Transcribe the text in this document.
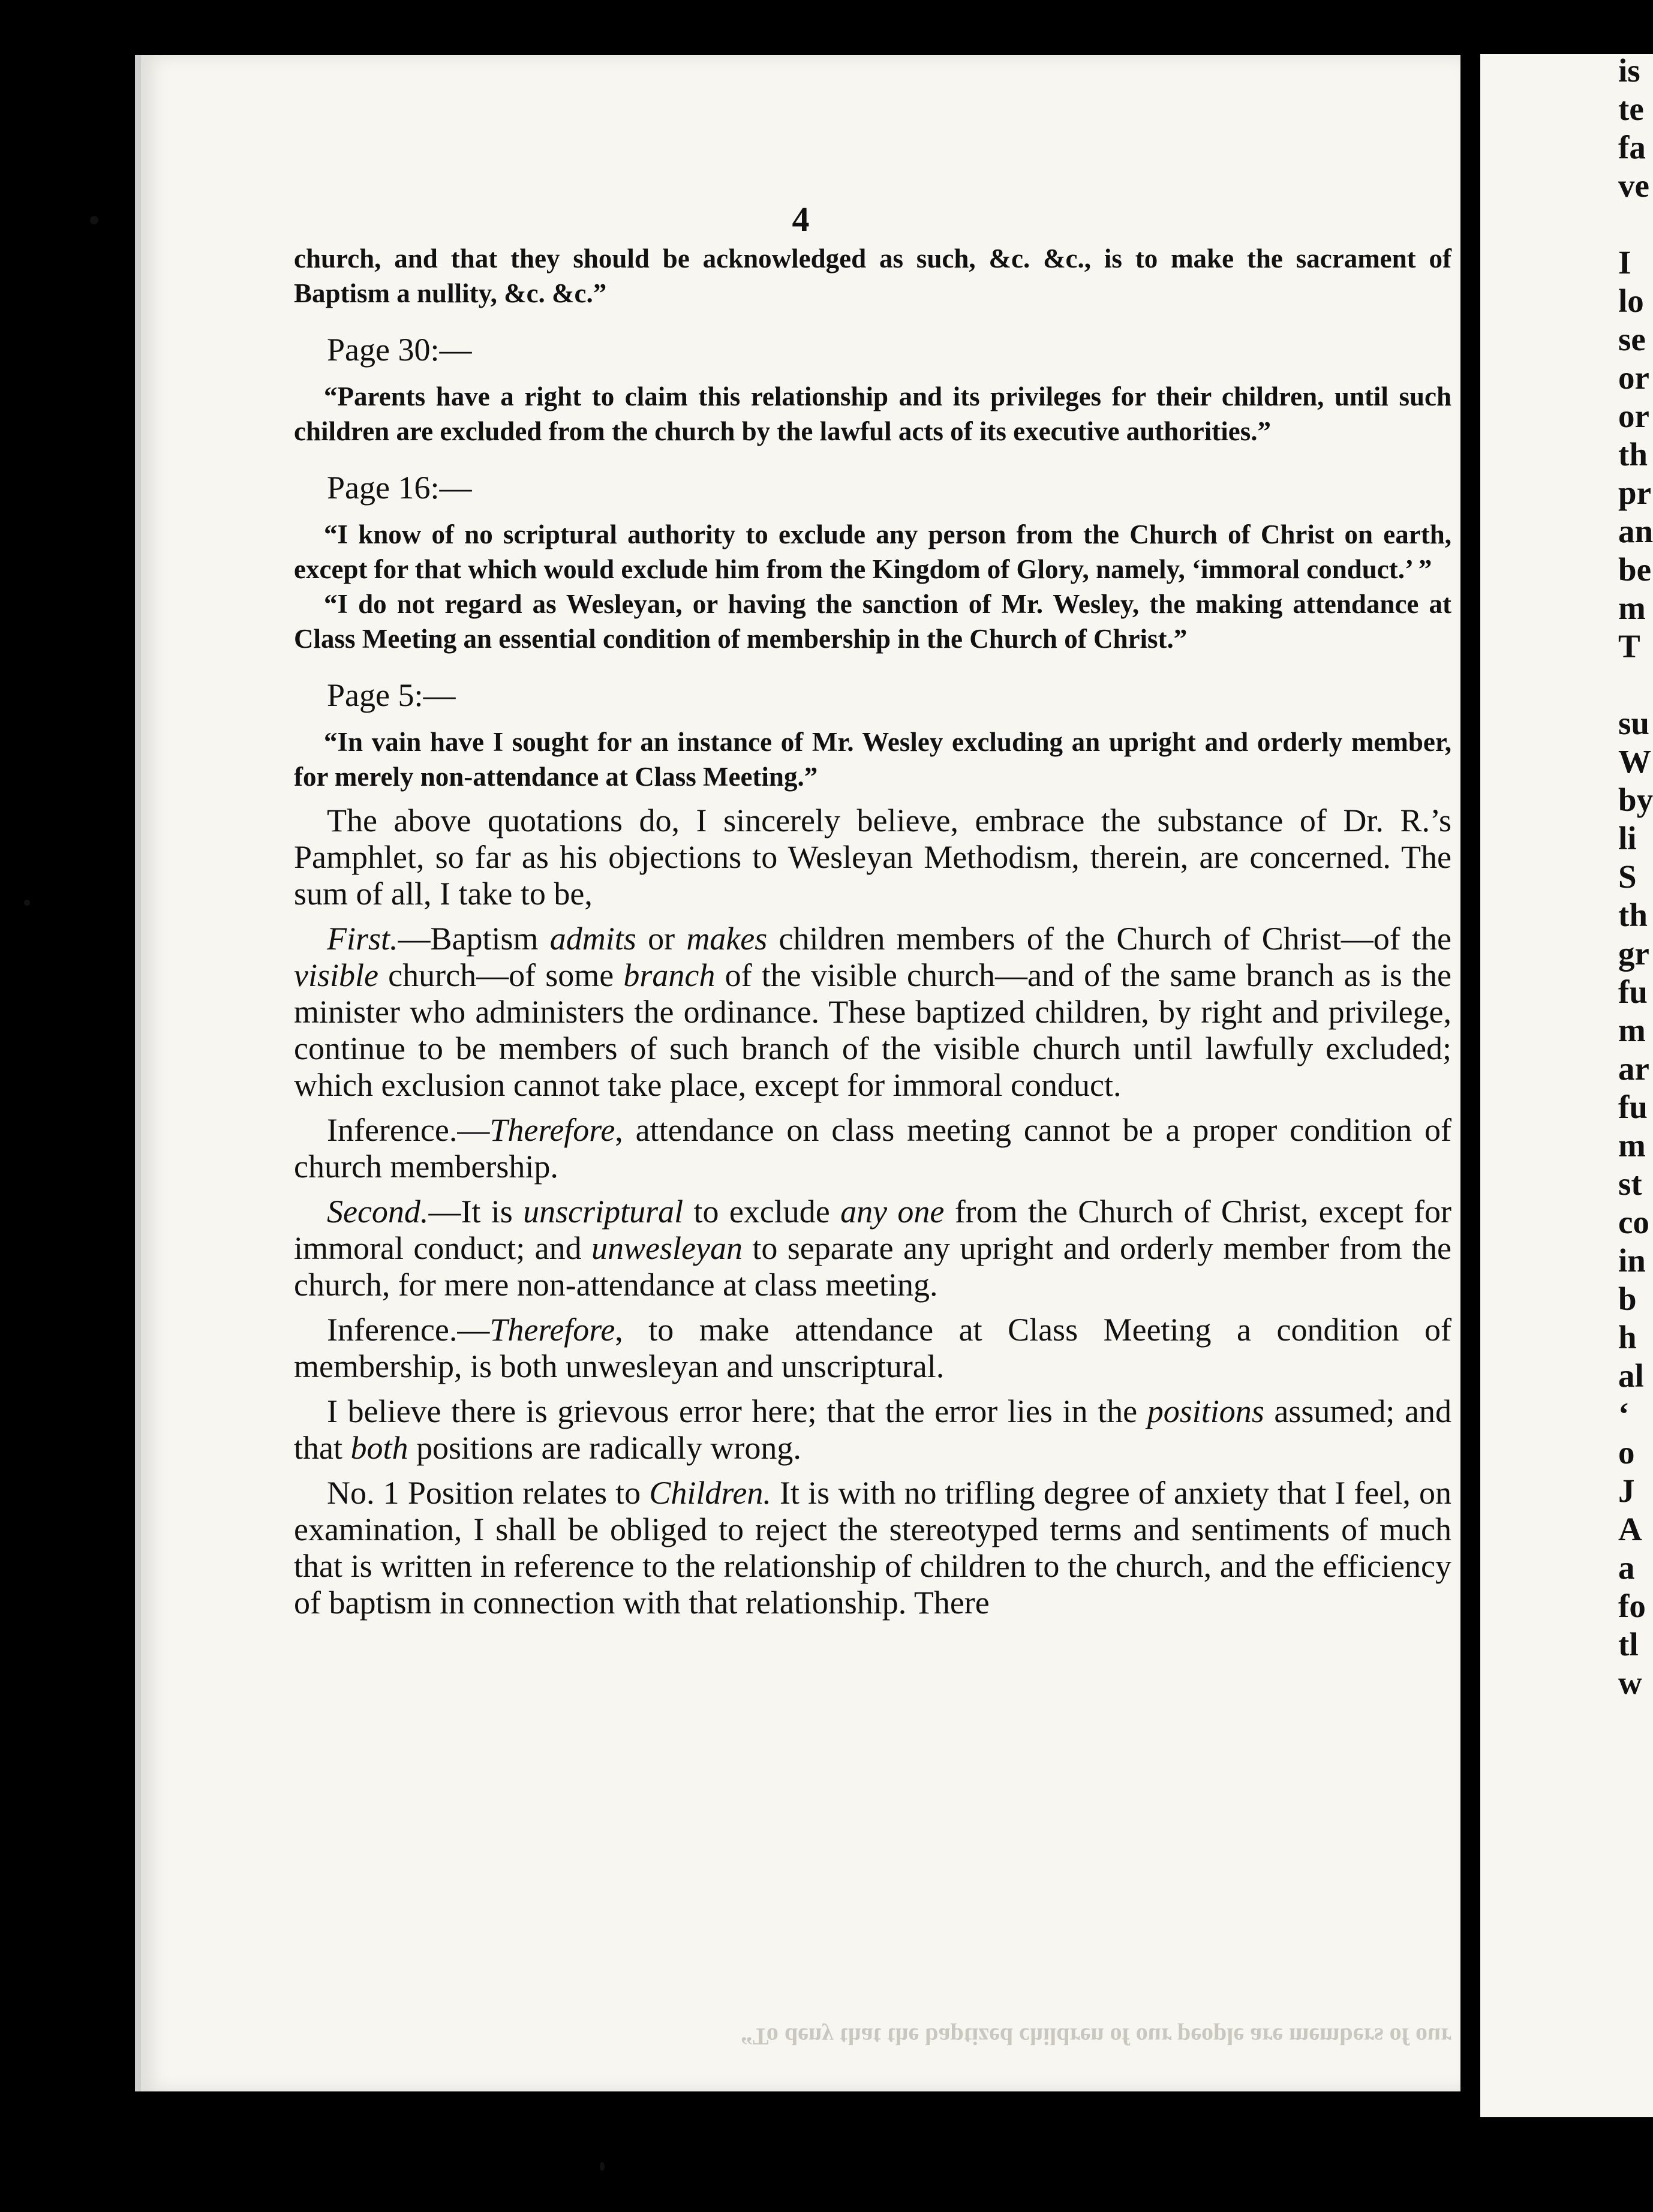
4

church, and that they should be acknowledged as such, &c. &c., is to make the sacrament of Baptism a nullity, &c. &c.”

Page 30:—

“Parents have a right to claim this relationship and its privileges for their children, until such children are excluded from the church by the lawful acts of its executive authorities.”

Page 16:—

“I know of no scriptural authority to exclude any person from the Church of Christ on earth, except for that which would exclude him from the Kingdom of Glory, namely, ‘immoral conduct.’ ”

“I do not regard as Wesleyan, or having the sanction of Mr. Wesley, the making attendance at Class Meeting an essential condition of membership in the Church of Christ.”

Page 5:—

“In vain have I sought for an instance of Mr. Wesley excluding an upright and orderly member, for merely non-attendance at Class Meeting.”

The above quotations do, I sincerely believe, embrace the substance of Dr. R.’s Pamphlet, so far as his objections to Wesleyan Methodism, therein, are concerned. The sum of all, I take to be,

First.—Baptism admits or makes children members of the Church of Christ—of the visible church—of some branch of the visible church—and of the same branch as is the minister who administers the ordinance. These baptized children, by right and privilege, continue to be members of such branch of the visible church until lawfully excluded; which exclusion cannot take place, except for immoral conduct.

Inference.—Therefore, attendance on class meeting cannot be a proper condition of church membership.

Second.—It is unscriptural to exclude any one from the Church of Christ, except for immoral conduct; and unwesleyan to separate any upright and orderly member from the church, for mere non-attendance at class meeting.

Inference.—Therefore, to make attendance at Class Meeting a condition of membership, is both unwesleyan and unscriptural.

I believe there is grievous error here; that the error lies in the positions assumed; and that both positions are radically wrong.

No. 1 Position relates to Children. It is with no trifling degree of anxiety that I feel, on examination, I shall be obliged to reject the stereotyped terms and sentiments of much that is written in reference to the relationship of children to the church, and the efficiency of baptism in connection with that relationship. There

“To deny that the baptized children of our people are members of our
is
te
fa
ve
I
lo
se
or
or
th
pr
an
be
m
T
su
W
by
li
S
th
gr
fu
m
ar
fu
m
st
co
in
b
h
al
‘
o
J
A
a
fo
tl
w
